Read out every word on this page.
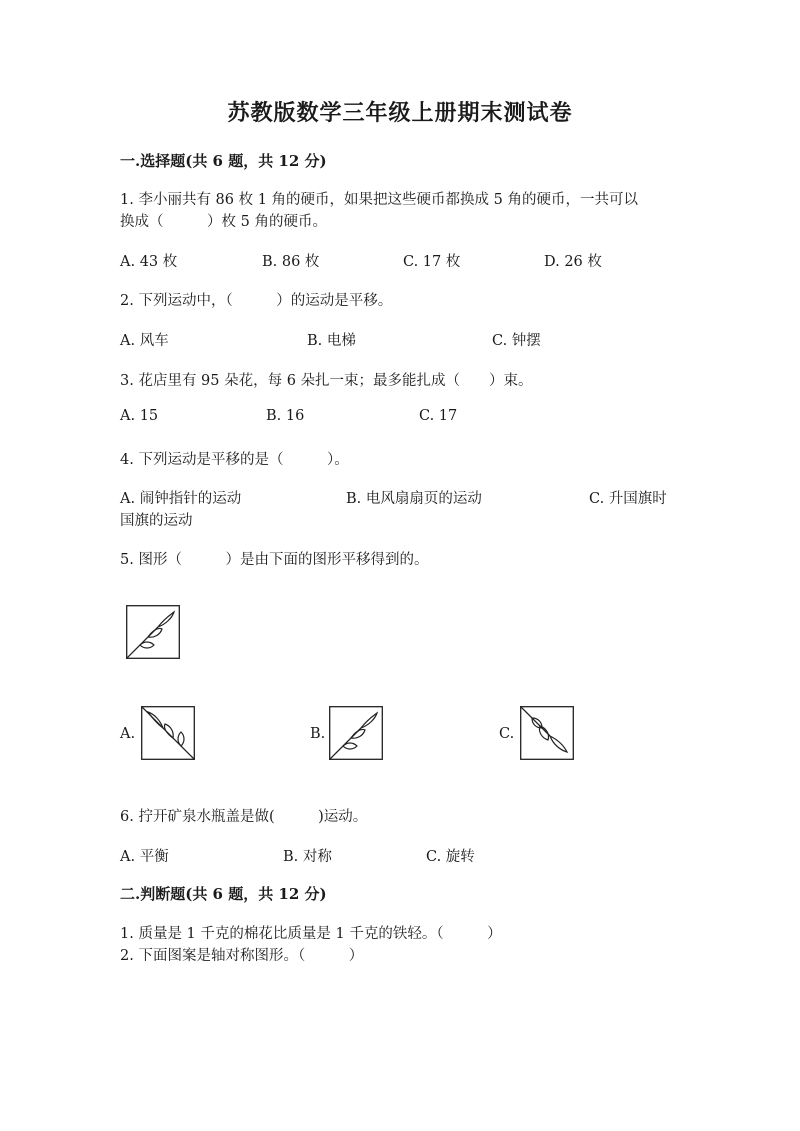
苏教版数学三年级上册期末测试卷
一.选择题(共 6 题，共 12 分)
1. 李小丽共有 86 枚 1 角的硬币，如果把这些硬币都换成 5 角的硬币，一共可以
换成（　　　）枚 5 角的硬币。
A. 43 枚	B. 86 枚	C. 17 枚	D. 26 枚
2. 下列运动中，（　　　）的运动是平移。
A. 风车	B. 电梯	C. 钟摆
3. 花店里有 95 朵花，每 6 朵扎一束；最多能扎成（　　）束。
A. 15	B. 16	C. 17
4. 下列运动是平移的是（　　　）。
A. 闹钟指针的运动	B. 电风扇扇页的运动	C. 升国旗时
国旗的运动
5. 图形（　　　）是由下面的图形平移得到的。
A.	B.	C.
6. 拧开矿泉水瓶盖是做(　　　)运动。
A. 平衡	B. 对称	C. 旋转
二.判断题(共 6 题，共 12 分)
1. 质量是 1 千克的棉花比质量是 1 千克的铁轻。（　　　）
2. 下面图案是轴对称图形。（　　　）
